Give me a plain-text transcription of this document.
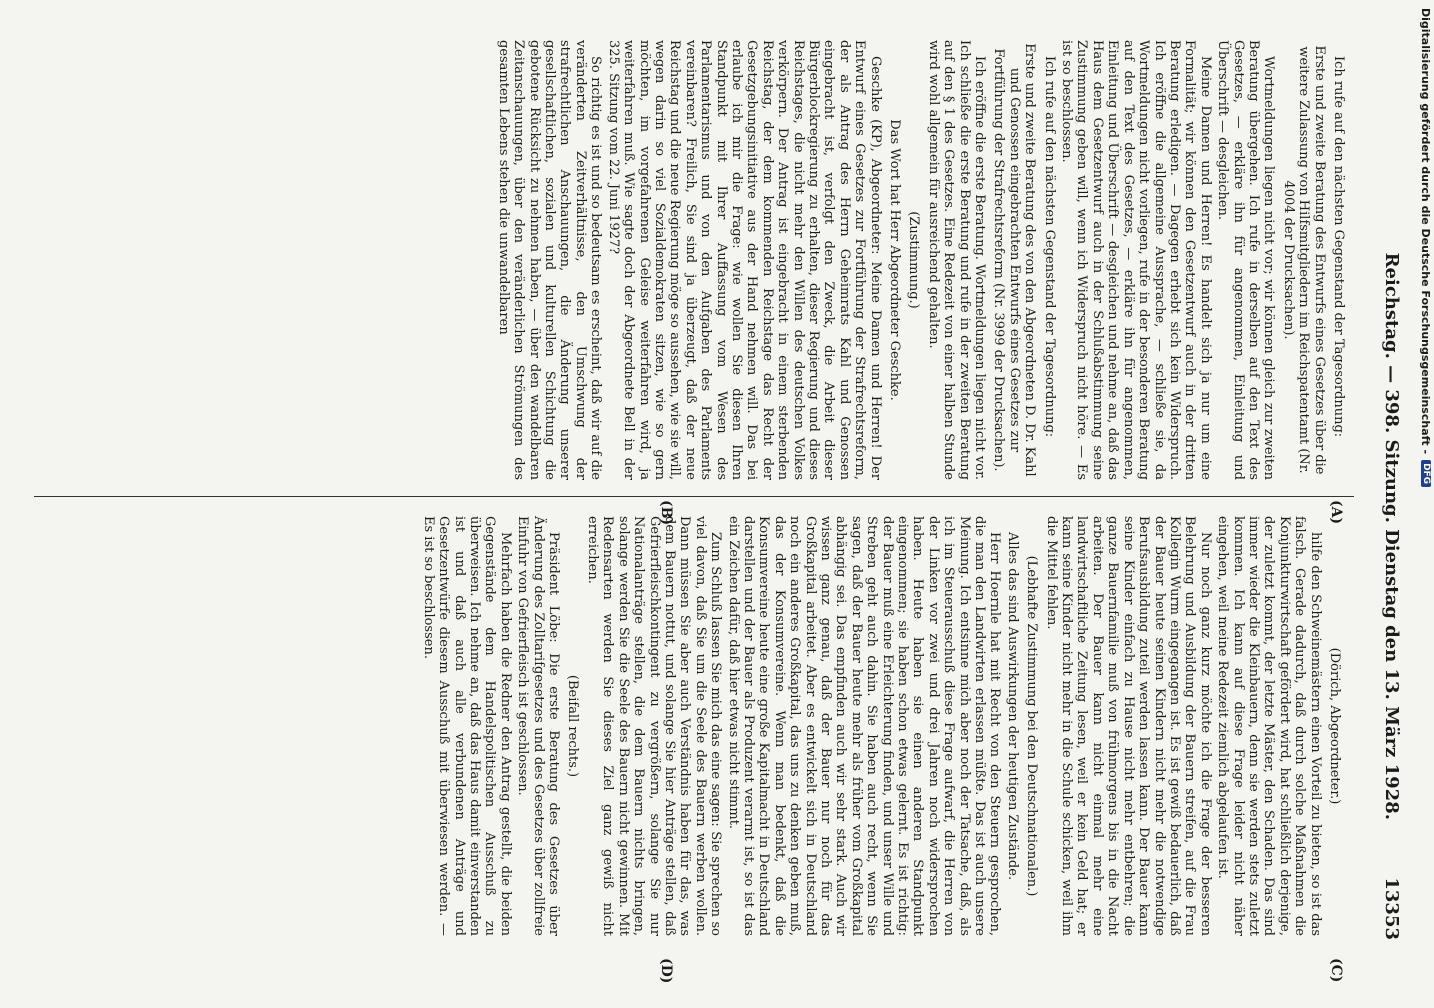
Digitalisierung gefördert durch die Deutsche Forschungsgemeinschaft -
DFG
Reichstag. — 398. Sitzung. Dienstag den 13. März 1928.
13353
(A)
(B)
(C)
(D)

(Dörich, Abgeordneter.)

hilfe den Schweinemästern einen Vorteil zu bieten, so ist das falsch. Gerade dadurch, daß durch solche Maßnahmen die Konjunkturwirtschaft gefördert wird, hat schließlich derjenige, der zuletzt kommt, der letzte Mäster, den Schaden. Das sind immer wieder die Kleinbauern, denn sie werden stets zuletzt kommen. Ich kann auf diese Frage leider nicht näher eingehen, weil meine Redezeit ziemlich abgelaufen ist.

Nur noch ganz kurz möchte ich die Frage der besseren Belehrung und Ausbildung der Bauern streifen, auf die Frau Kollegin Wurm eingegangen ist. Es ist gewiß bedauerlich, daß der Bauer heute seinen Kindern nicht mehr die notwendige Berufsausbildung zuteil werden lassen kann. Der Bauer kann seine Kinder einfach zu Hause nicht mehr entbehren; die ganze Bauernfamilie muß von frühmorgens bis in die Nacht arbeiten. Der Bauer kann nicht einmal mehr eine landwirtschaftliche Zeitung lesen, weil er kein Geld hat; er kann seine Kinder nicht mehr in die Schule schicken, weil ihm die Mittel fehlen.

(Lebhafte Zustimmung bei den Deutschnationalen.)

Alles das sind Auswirkungen der heutigen Zustände.

Herr Hoernle hat mit Recht von den Steuern gesprochen, die man den Landwirten erlassen müßte. Das ist auch unsere Meinung. Ich entsinne mich aber noch der Tatsache, daß, als ich im Steuerausschuß diese Frage aufwarf, die Herren von der Linken vor zwei und drei Jahren noch widersprochen haben. Heute haben sie einen anderen Standpunkt eingenommen; sie haben schon etwas gelernt. Es ist richtig: der Bauer muß eine Erleichterung finden, und unser Wille und Streben geht auch dahin. Sie haben auch recht, wenn Sie sagen, daß der Bauer heute mehr als früher vom Großkapital abhängig sei. Das empfinden auch wir sehr stark. Auch wir wissen ganz genau, daß der Bauer nur noch für das Großkapital arbeitet. Aber es entwickelt sich in Deutschland noch ein anderes Großkapital, das uns zu denken geben muß, das der Konsumvereine. Wenn man bedenkt, daß die Konsumvereine heute eine große Kapitalmacht in Deutschland darstellen und der Bauer als Produzent verarmt ist, so ist das ein Zeichen dafür, daß hier etwas nicht stimmt.

Zum Schluß lassen Sie mich das eine sagen: Sie sprechen so viel davon, daß Sie um die Seele des Bauern werben wollen. Dann müssen Sie aber auch Verständnis haben für das, was dem Bauern nottut, und solange Sie hier Anträge stellen, daß Gefrierfleischkontingent zu vergrößern, solange Sie nur Nationalanträge stellen, die dem Bauern nichts bringen, solange werden Sie die Seele des Bauern nicht gewinnen. Mit Redensarten werden Sie dieses Ziel ganz gewiß nicht erreichen.

(Beifall rechts.)

Präsident Löbe: Die erste Beratung des Gesetzes über Änderung des Zolltarifgesetzes und des Gesetzes über zollfreie Einfuhr von Gefrierfleisch ist geschlossen.

Mehrfach haben die Redner den Antrag gestellt, die beiden Gegenstände dem Handelspolitischen Ausschuß zu überweisen. Ich nehme an, daß das Haus damit einverstanden ist und daß auch alle verbundenen Anträge und Gesetzentwürfe diesem Ausschuß mit überwiesen werden. — Es ist so beschlossen.

Ich rufe auf den nächsten Gegenstand der Tagesordnung:

Erste und zweite Beratung des Entwurfs eines Gesetzes über die weitere Zulassung von Hilfsmitgliedern im Reichspatentamt (Nr. 4004 der Drucksachen).

Wortmeldungen liegen nicht vor; wir können gleich zur zweiten Beratung übergehen. Ich rufe in derselben auf den Text des Gesetzes, — erkläre ihn für angenommen, Einleitung und Überschrift — desgleichen.

Meine Damen und Herren! Es handelt sich ja nur um eine Formalität; wir können den Gesetzentwurf auch in der dritten Beratung erledigen. — Dagegen erhebt sich kein Widerspruch. Ich eröffne die allgemeine Aussprache, — schließe sie, da Wortmeldungen nicht vorliegen, rufe in der besonderen Beratung auf den Text des Gesetzes, — erkläre ihn für angenommen, Einleitung und Überschrift — desgleichen und nehme an, daß das Haus dem Gesetzentwurf auch in der Schlußabstimmung seine Zustimmung geben will, wenn ich Widerspruch nicht höre. — Es ist so beschlossen.

Ich rufe auf den nächsten Gegenstand der Tagesordnung:

Erste und zweite Beratung des von den Abgeordneten D. Dr. Kahl und Genossen eingebrachten Entwurfs eines Gesetzes zur Fortführung der Strafrechtsreform (Nr. 3999 der Drucksachen).

Ich eröffne die erste Beratung. Wortmeldungen liegen nicht vor. Ich schließe die erste Beratung und rufe in der zweiten Beratung auf den § 1 des Gesetzes. Eine Redezeit von einer halben Stunde wird wohl allgemein für ausreichend gehalten.

(Zustimmung.)

Das Wort hat Herr Abgeordneter Geschke.

Geschke (KP), Abgeordneter: Meine Damen und Herren! Der Entwurf eines Gesetzes zur Fortführung der Strafrechtsreform, der als Antrag des Herrn Geheimrats Kahl und Genossen eingebracht ist, verfolgt den Zweck, die Arbeit dieser Bürgerblockregierung zu erhalten, dieser Regierung und dieses Reichstages, die nicht mehr den Willen des deutschen Volkes verkörpern. Der Antrag ist eingebracht in einem sterbenden Reichstag, der dem kommenden Reichstage das Recht der Gesetzgebungsinitiative aus der Hand nehmen will. Das bei erlaube ich mir die Frage: wie wollen Sie diesen Ihren Standpunkt mit Ihrer Auffassung vom Wesen des Parlamentarismus und von den Aufgaben des Parlaments vereinbaren? Freilich, Sie sind ja überzeugt, daß der neue Reichstag und die neue Regierung möge so aussehen, wie sie will, wegen darin so viel Sozialdemokraten sitzen, wie so gern möchten, im vorgefahrenen Geleise weiterfahren wird, ja weiterfahren muß. Wie sagte doch der Abgeordnete Bell in der 325. Sitzung vom 22. Juni 1927?

So richtig es ist und so bedeutsam es erscheint, daß wir auf die veränderten Zeitverhältnisse, den Umschwung der strafrechtlichen Anschauungen, die Änderung unserer gesellschaftlichen, sozialen und kulturellen Schichtung die gebotene Rücksicht zu nehmen haben, — über den wandelbaren Zeitanschauungen, über den veränderlichen Strömungen des gesamten Lebens stehen die unwandelbaren
